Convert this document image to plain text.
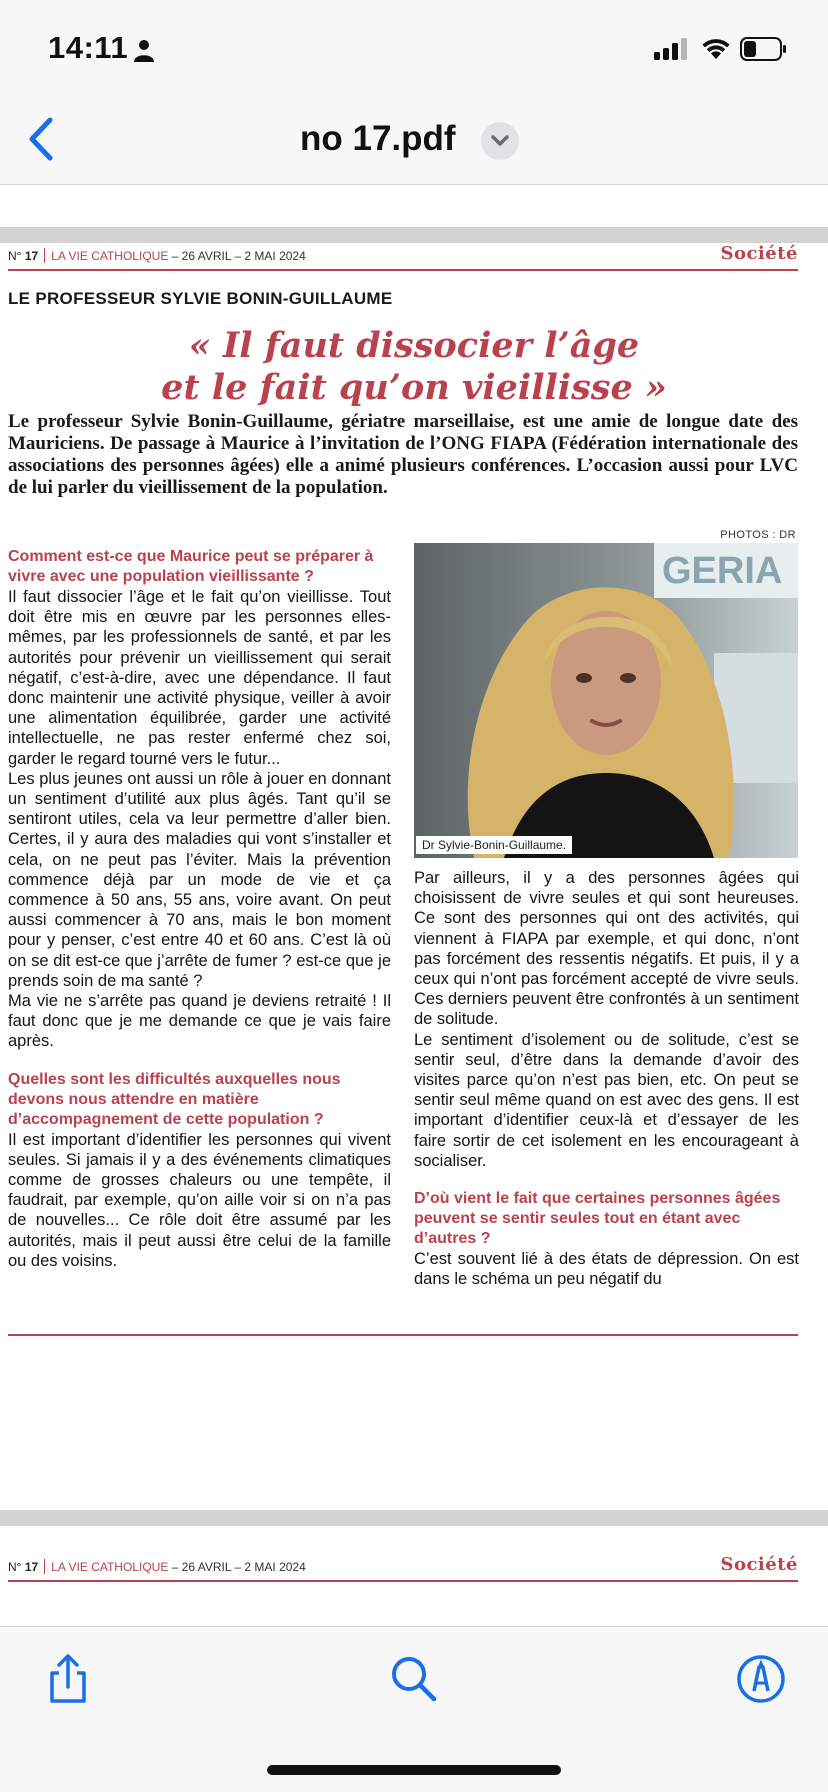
14:11
no 17.pdf
N° 17 LA VIE CATHOLIQUE – 26 AVRIL – 2 MAI 2024	Société
LE PROFESSEUR SYLVIE BONIN-GUILLAUME
« Il faut dissocier l’âge
et le fait qu’on vieillisse »
Le professeur Sylvie Bonin-Guillaume, gériatre marseillaise, est une amie de longue date des Mauriciens. De passage à Maurice à l’invitation de l’ONG FIAPA (Fédération internationale des associations des personnes âgées) elle a animé plusieurs conférences. L’occasion aussi pour LVC de lui parler du vieillissement de la population.
PHOTOS : DR
GERIA
Dr Sylvie-Bonin-Guillaume.

Comment est-ce que Maurice peut se préparer à vivre avec une population vieillissante ?

Il faut dissocier l’âge et le fait qu’on vieillisse. Tout doit être mis en œuvre par les personnes elles-mêmes, par les professionnels de santé, et par les autorités pour prévenir un vieillissement qui serait négatif, c’est-à-dire, avec une dépendance. Il faut donc maintenir une activité physique, veiller à avoir une alimentation équilibrée, garder une activité intellectuelle, ne pas rester enfermé chez soi, garder le regard tourné vers le futur...

Les plus jeunes ont aussi un rôle à jouer en donnant un sentiment d’utilité aux plus âgés. Tant qu’il se sentiront utiles, cela va leur permettre d’aller bien. Certes, il y aura des maladies qui vont s’installer et cela, on ne peut pas l’éviter. Mais la prévention commence déjà par un mode de vie et ça commence à 50 ans, 55 ans, voire avant. On peut aussi commencer à 70 ans, mais le bon moment pour y penser, c’est entre 40 et 60 ans. C’est là où on se dit est-ce que j’arrête de fumer ? est-ce que je prends soin de ma santé ?

Ma vie ne s’arrête pas quand je deviens retraité ! Il faut donc que je me demande ce que je vais faire après.

Quelles sont les difficultés auxquelles nous devons nous attendre en matière d’accompagnement de cette population ?

Il est important d’identifier les personnes qui vivent seules. Si jamais il y a des événements climatiques comme de grosses chaleurs ou une tempête, il faudrait, par exemple, qu’on aille voir si on n’a pas de nouvelles... Ce rôle doit être assumé par les autorités, mais il peut aussi être celui de la famille ou des voisins.

Par ailleurs, il y a des personnes âgées qui choisissent de vivre seules et qui sont heureuses. Ce sont des personnes qui ont des activités, qui viennent à FIAPA par exemple, et qui donc, n’ont pas forcément des ressentis négatifs. Et puis, il y a ceux qui n’ont pas forcément accepté de vivre seuls. Ces derniers peuvent être confrontés à un sentiment de solitude.

Le sentiment d’isolement ou de solitude, c’est se sentir seul, d’être dans la demande d’avoir des visites parce qu’on n’est pas bien, etc. On peut se sentir seul même quand on est avec des gens. Il est important d’identifier ceux-là et d’essayer de les faire sortir de cet isolement en les encourageant à socialiser.

D’où vient le fait que certaines personnes âgées peuvent se sentir seules tout en étant avec d’autres ?

C’est souvent lié à des états de dépression. On est dans le schéma un peu négatif du

N° 17 LA VIE CATHOLIQUE – 26 AVRIL – 2 MAI 2024	Société
